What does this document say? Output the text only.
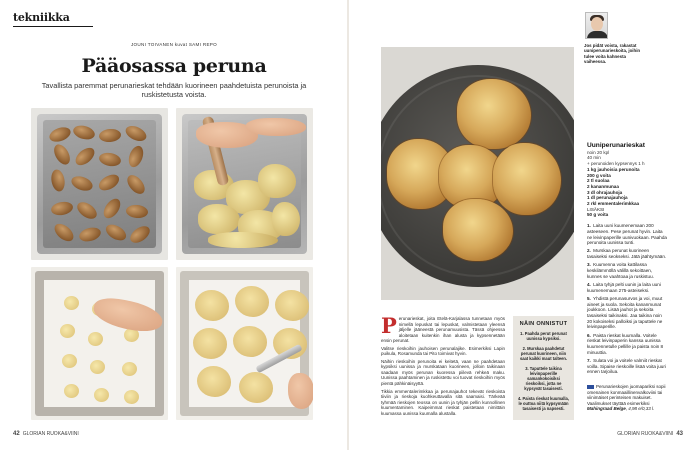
tekniikka
JOUNI TOIVANEN kuvat SAMI REPO
Pääosassa peruna

Tavallista paremmat perunarieskat tehdään kuorineen paahdetuista perunoista ja ruskistetusta voista.

42 GLORIAN RUOKA&VIINI

Jos pidät voista, rakastat uuniperunarieskoita, joihin tulee voita kahnesta vaiheessa.

Uuniperunarieskat
noin 20 kpl
40 min
+ perunoiden kypsennys 1 h
1 kg jauhoisia perunoita
200 g voita
2 tl suolaa
2 kananmunaa
3 dl ohrajauhoja
1 dl perunajauhoja
2 rkl emmentalerimkkaa
LISÄKSI
50 g voita
1. Laita uuni kuumenemaan 200 asteeseen. Pese perunat hyvin. Laita ne leivinpaperille uunivuokaan. Paahda perunoita uunissa tunti.
2. Murskaa perunat kuorineen tasaiseksi seokseksi. Jätä jäähtymään.
3. Kuumenna voita kattilassa keskilämmöllä välillä sekoittaen, kunnes se vaahtoaa ja ruskistuu.
4. Laita tyhjä pelti uunin ja laita uuni kuumenemaan 275-asteiseksi.
5. Yhdistä perunasurvos ja voi, muut aineet ja suola. Sekoita kananmunat joukkoon. Lisää jauhot ja sekoita tasaiseksi taikinaksi. Jaa taikina noin 20 kokoiseksi palloiksi ja taputtele ne leivinpaperille.
6. Paista rieskat kuumalla. Voitele rieskat leivinpaperin kanssa uunissa kuumennetulle pellille ja paista noin 8 minuuttia.
7. Sulata voi ja voitele valmiit rieskat voilla. Sipaise rieskoille lisää voita juuri ennen tarjoilua.

Perunarieskat, joita Etelä-Karjalassa tunnetaan myös nimellä lepuskat tai lepuskat, valmistetaan yleensä jäljelle jääneestä perunamuusista. Tässä ohjeessa aloitetaan kuitenkin ihan alusta ja kypsennetään ensin perunat.

Valitse rieskoihin jauhoisen perunalajike. Esimerkiksi Lapin puikula, Rosamunda tai Pito toimivat hyvin.

Näihin rieskoihin perunoita ei keitetä, vaan ne paahdetaan kypsiksi uunissa ja murskataan kuorineen, jolloin taikinaan saadaan myös perunan kuoressa piilevä rehkeä maku. Uunissa paahtaminen ja ruskistettu voi tuovat rieskoihin myös pientä pähkinäisyyttä.

Tikkia emmentalerimkkaa ja perunajauhot tekevät rieskoista tiiviin ja rieskoja kuohkeuttavalla sitä saamaisi. Tärkeää tyhmää rieskojen teossa on uunin ja tyhjän pellin kunnollinen kuumentaminen. Kaipeimmat rieskat paistetaan nimittäin kuumassa uunissa kuumalla alustalla.

NÄIN ONNISTUT
1. Paahda perut perunat uunissa kypsiksi.
2. Murskaa paahdetut perunat kuorineen, niin saat kaikki maut talteen.
3. Taputtele taikina leivinpaperille samankokoisiksi rieskoiksi, jotta ne kypsyvät tasaisesti.
4. Paista rieskat kuumalla, le outtoa niitä kypsymään tasaisesti ja napsesti.
Perunarieskojen juomapariksi sopii omenainen konmaaillinenvalkoviini tai viinimäiset perinteisen makuiset. Vaalimukset täyttää esimerkiksi Mahingraad Belge, 4,98 e/0,33 l.
GLORIAN RUOKA&VIINI 43
